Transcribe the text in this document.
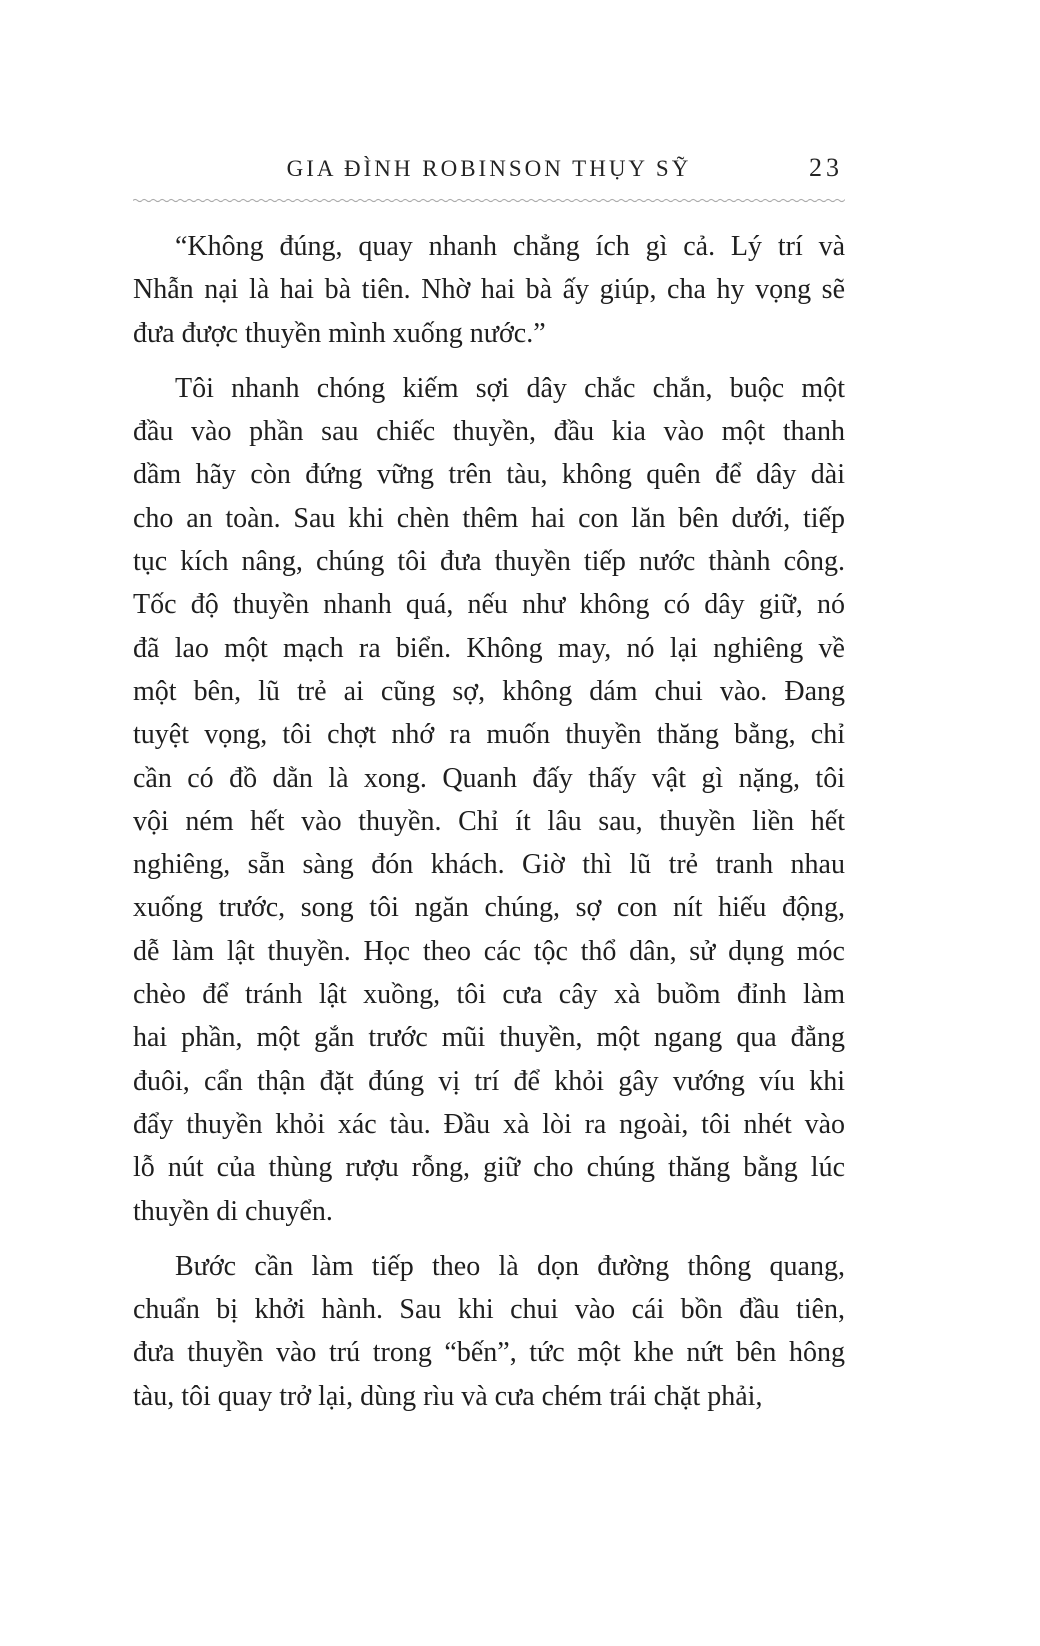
GIA ĐÌNH ROBINSON THỤY SỸ	23
“Không đúng, quay nhanh chẳng ích gì cả. Lý trí và
Nhẫn nại là hai bà tiên. Nhờ hai bà ấy giúp, cha hy vọng sẽ
đưa được thuyền mình xuống nước.”
Tôi nhanh chóng kiếm sợi dây chắc chắn, buộc một
đầu vào phần sau chiếc thuyền, đầu kia vào một thanh
dầm hãy còn đứng vững trên tàu, không quên để dây dài
cho an toàn. Sau khi chèn thêm hai con lăn bên dưới, tiếp
tục kích nâng, chúng tôi đưa thuyền tiếp nước thành công.
Tốc độ thuyền nhanh quá, nếu như không có dây giữ, nó
đã lao một mạch ra biển. Không may, nó lại nghiêng về
một bên, lũ trẻ ai cũng sợ, không dám chui vào. Đang
tuyệt vọng, tôi chợt nhớ ra muốn thuyền thăng bằng, chỉ
cần có đồ dằn là xong. Quanh đấy thấy vật gì nặng, tôi
vội ném hết vào thuyền. Chỉ ít lâu sau, thuyền liền hết
nghiêng, sẵn sàng đón khách. Giờ thì lũ trẻ tranh nhau
xuống trước, song tôi ngăn chúng, sợ con nít hiếu động,
dễ làm lật thuyền. Học theo các tộc thổ dân, sử dụng móc
chèo để tránh lật xuồng, tôi cưa cây xà buồm đỉnh làm
hai phần, một gắn trước mũi thuyền, một ngang qua đằng
đuôi, cẩn thận đặt đúng vị trí để khỏi gây vướng víu khi
đẩy thuyền khỏi xác tàu. Đầu xà lòi ra ngoài, tôi nhét vào
lỗ nút của thùng rượu rỗng, giữ cho chúng thăng bằng lúc
thuyền di chuyển.
Bước cần làm tiếp theo là dọn đường thông quang,
chuẩn bị khởi hành. Sau khi chui vào cái bồn đầu tiên,
đưa thuyền vào trú trong “bến”, tức một khe nứt bên hông
tàu, tôi quay trở lại, dùng rìu và cưa chém trái chặt phải,
